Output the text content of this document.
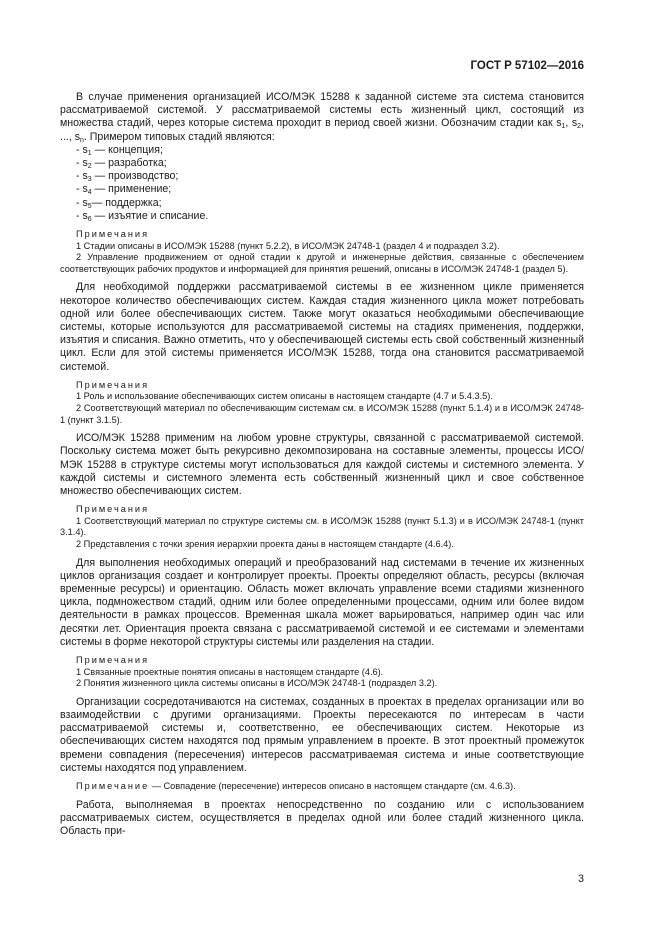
ГОСТ Р 57102—2016

В случае применения организацией ИСО/МЭК 15288 к заданной системе эта система становится рассматриваемой системой. У рассматриваемой системы есть жизненный цикл, состоящий из множества стадий, через которые система проходит в период своей жизни. Обозначим стадии как $s_1$, $s_2$, ..., $s_n$. Примером типовых стадий являются:

- $s_1$ — концепция;
- $s_2$ — разработка;
- $s_3$ — производство;
- $s_4$ — применение;
- $s_5—$ поддержка;
- $s_6$ — изъятие и списание.
Примечания
1 Стадии описаны в ИСО/МЭК 15288 (пункт 5.2.2), в ИСО/МЭК 24748-1 (раздел 4 и подраздел 3.2).
2 Управление продвижением от одной стадии к другой и инженерные действия, связанные с обеспечением соответствующих рабочих продуктов и информацией для принятия решений, описаны в ИСО/МЭК 24748-1 (раздел 5).

Для необходимой поддержки рассматриваемой системы в ее жизненном цикле применяется некоторое количество обеспечивающих систем. Каждая стадия жизненного цикла может потребовать одной или более обеспечивающих систем. Также могут оказаться необходимыми обеспечивающие системы, которые используются для рассматриваемой системы на стадиях применения, поддержки, изъятия и списания. Важно отметить, что у обеспечивающей системы есть свой собственный жизненный цикл. Если для этой системы применяется ИСО/МЭК 15288, тогда она становится рассматриваемой системой.

Примечания
1 Роль и использование обеспечивающих систем описаны в настоящем стандарте (4.7 и 5.4.3.5).
2 Соответствующий материал по обеспечивающим системам см. в ИСО/МЭК 15288 (пункт 5.1.4) и в ИСО/МЭК 24748-1 (пункт 3.1.5).

ИСО/МЭК 15288 применим на любом уровне структуры, связанной с рассматриваемой системой. Поскольку система может быть рекурсивно декомпозирована на составные элементы, процессы ИСО/МЭК 15288 в структуре системы могут использоваться для каждой системы и системного элемента. У каждой системы и системного элемента есть собственный жизненный цикл и свое собственное множество обеспечивающих систем.

Примечания
1 Соответствующий материал по структуре системы см. в ИСО/МЭК 15288 (пункт 5.1.3) и в ИСО/МЭК 24748-1 (пункт 3.1.4).
2 Представления с точки зрения иерархии проекта даны в настоящем стандарте (4.6.4).

Для выполнения необходимых операций и преобразований над системами в течение их жизненных циклов организация создает и контролирует проекты. Проекты определяют область, ресурсы (включая временные ресурсы) и ориентацию. Область может включать управление всеми стадиями жизненного цикла, подмножеством стадий, одним или более определенными процессами, одним или более видом деятельности в рамках процессов. Временная шкала может варьироваться, например один час или десятки лет. Ориентация проекта связана с рассматриваемой системой и ее системами и элементами системы в форме некоторой структуры системы или разделения на стадии.

Примечания
1 Связанные проектные понятия описаны в настоящем стандарте (4.6).
2 Понятия жизненного цикла системы описаны в ИСО/МЭК 24748-1 (подраздел 3.2).

Организации сосредотачиваются на системах, созданных в проектах в пределах организации или во взаимодействии с другими организациями. Проекты пересекаются по интересам в части рассматриваемой системы и, соответственно, ее обеспечивающих систем. Некоторые из обеспечивающих систем находятся под прямым управлением в проекте. В этот проектный промежуток времени совпадения (пересечения) интересов рассматриваемая система и иные соответствующие системы находятся под управлением.

Примечание — Совпадение (пересечение) интересов описано в настоящем стандарте (см. 4.6.3).

Работа, выполняемая в проектах непосредственно по созданию или с использованием рассматриваемых систем, осуществляется в пределах одной или более стадий жизненного цикла. Область при-

3
